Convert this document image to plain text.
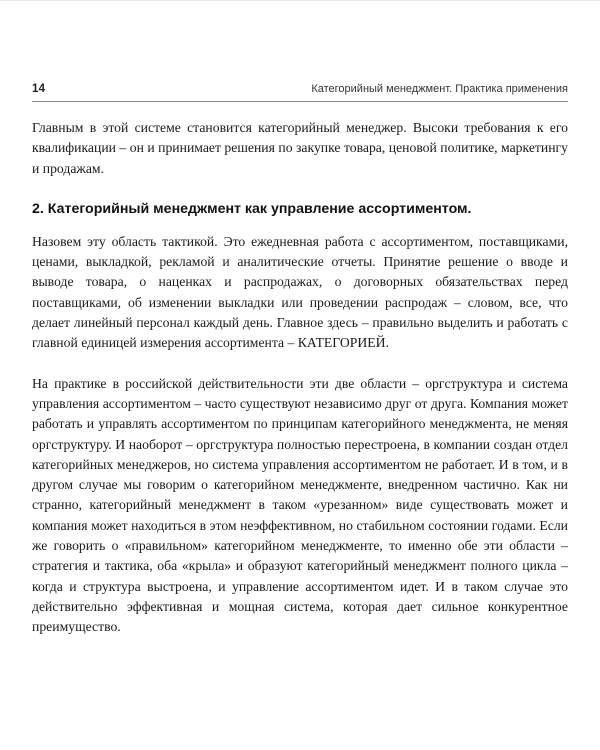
14	Категорийный менеджмент. Практика применения

Главным в этой системе становится категорийный менеджер. Высоки требования к его квалификации – он и принимает решения по закупке товара, ценовой политике, маркетингу и продажам.

2. Категорийный менеджмент как управление ассортиментом.

Назовем эту область тактикой. Это ежедневная работа с ассортиментом, поставщиками, ценами, выкладкой, рекламой и аналитические отчеты. Принятие решение о вводе и выводе товара, о наценках и распродажах, о договорных обязательствах перед поставщиками, об изменении выкладки или проведении распродаж – словом, все, что делает линейный персонал каждый день. Главное здесь – правильно выделить и работать с главной единицей измерения ассортимента – КАТЕГОРИЕЙ.

На практике в российской действительности эти две области – оргструктура и система управления ассортиментом – часто существуют независимо друг от друга. Компания может работать и управлять ассортиментом по принципам категорийного менеджмента, не меняя оргструктуру. И наоборот – оргструктура полностью перестроена, в компании создан отдел категорийных менеджеров, но система управления ассортиментом не работает. И в том, и в другом случае мы говорим о категорийном менеджменте, внедренном частично. Как ни странно, категорийный менеджмент в таком «урезанном» виде существовать может и компания может находиться в этом неэффективном, но стабильном состоянии годами. Если же говорить о «правильном» категорийном менеджменте, то именно обе эти области – стратегия и тактика, оба «крыла» и образуют категорийный менеджмент полного цикла – когда и структура выстроена, и управление ассортиментом идет. И в таком случае это действительно эффективная и мощная система, которая дает сильное конкурентное преимущество.
